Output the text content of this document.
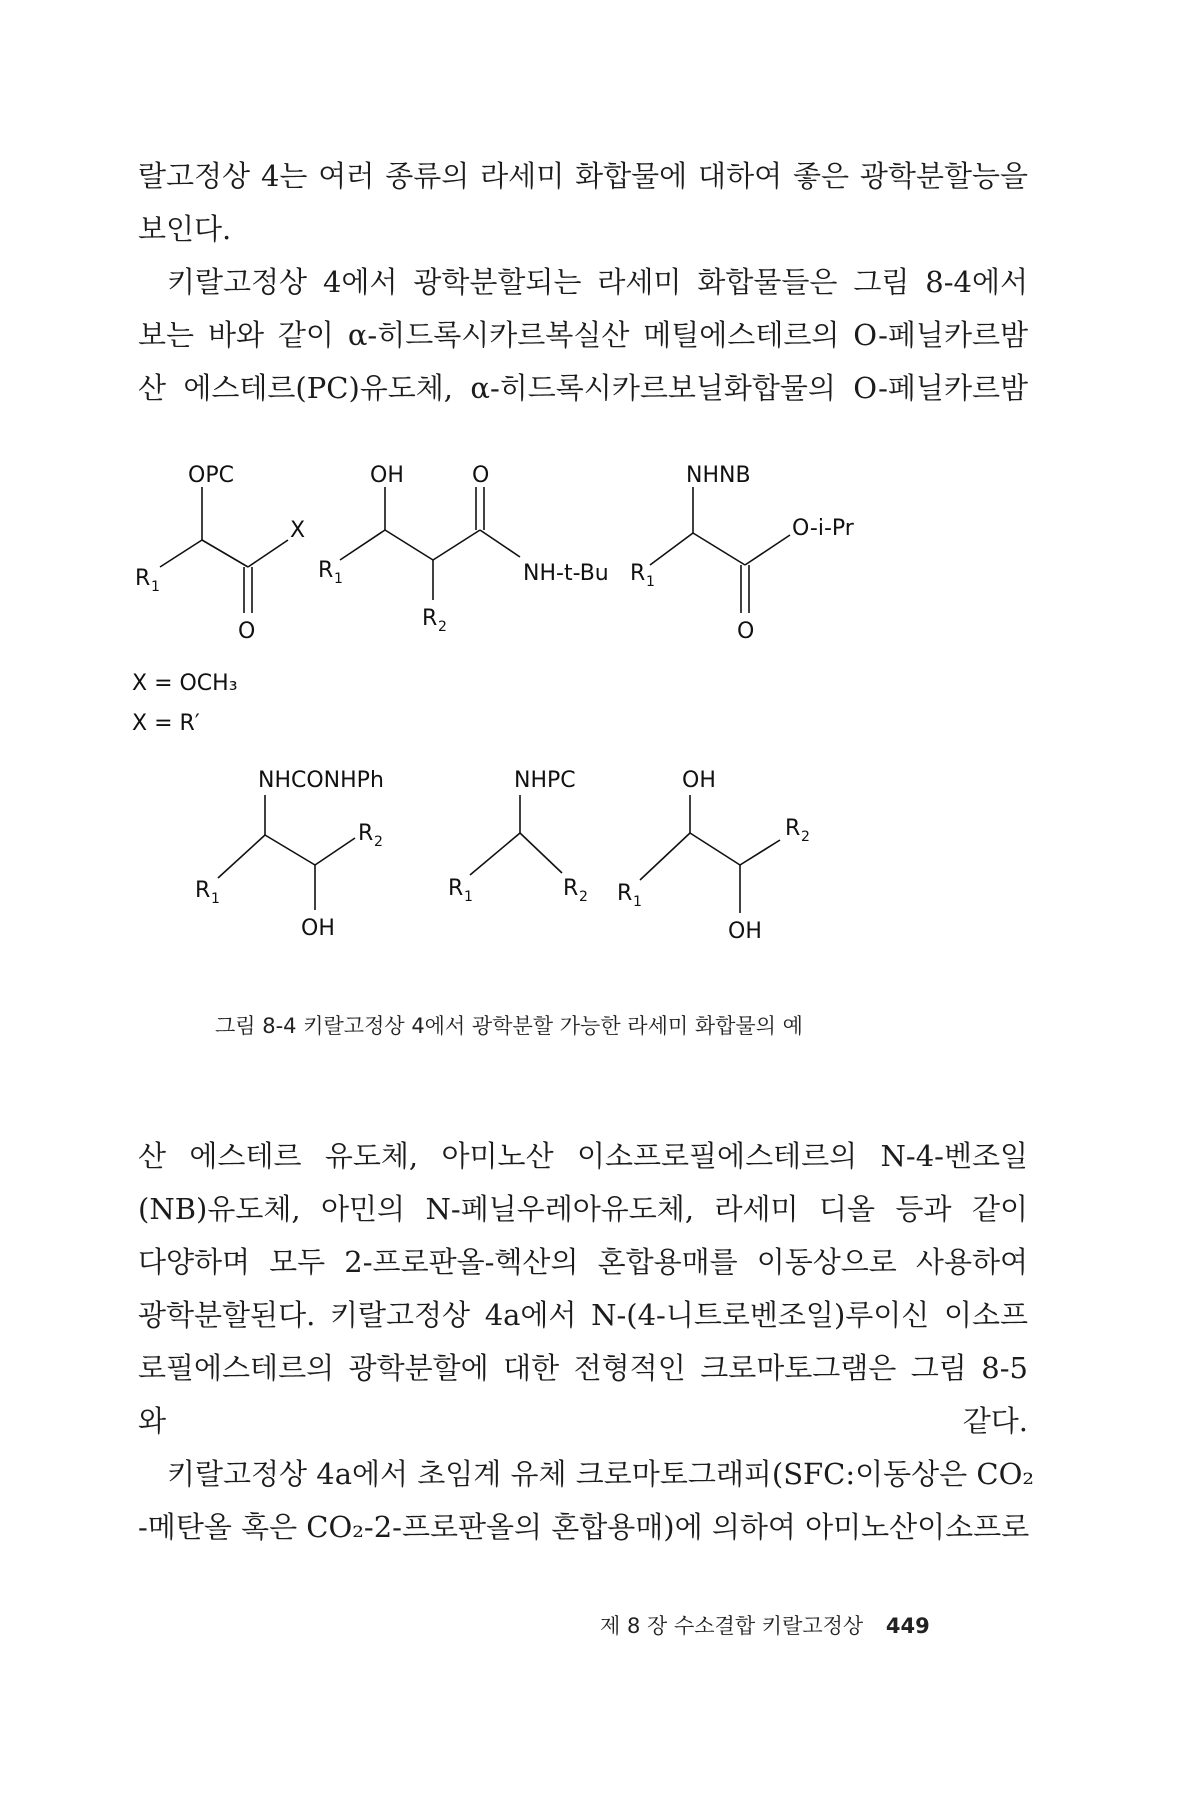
랄고정상 4는 여러 종류의 라세미 화합물에 대하여 좋은 광학분할능을
보인다.
키랄고정상 4에서 광학분할되는 라세미 화합물들은 그림 8-4에서
보는 바와 같이 α-히드록시카르복실산 메틸에스테르의 O-페닐카르밤
산 에스테르(PC)유도체, α-히드록시카르보닐화합물의 O-페닐카르밤
R 1
OPC
O
X
R 1
OH
R 2
O
NH-t-Bu R 1
NHNB
O
O-i-Pr
X = OCH₃
X = R′
NHCONHPh
R 1
OH
R 2
NHPC
R 1	R 2
OH
R 1
OH
R 2
그림 8-4 키랄고정상 4에서 광학분할 가능한 라세미 화합물의 예
산 에스테르 유도체, 아미노산 이소프로필에스테르의 N-4-벤조일
(NB)유도체, 아민의 N-페닐우레아유도체, 라세미 디올 등과 같이
다양하며 모두 2-프로판올-헥산의 혼합용매를 이동상으로 사용하여
광학분할된다. 키랄고정상 4a에서 N-(4-니트로벤조일)루이신 이소프
로필에스테르의 광학분할에 대한 전형적인 크로마토그램은 그림 8-5
와 같다.
키랄고정상 4a에서 초임계 유체 크로마토그래피(SFC:이동상은 CO₂
-메탄올 혹은 CO₂-2-프로판올의 혼합용매)에 의하여 아미노산이소프로
제 8 장 수소결합 키랄고정상 449
